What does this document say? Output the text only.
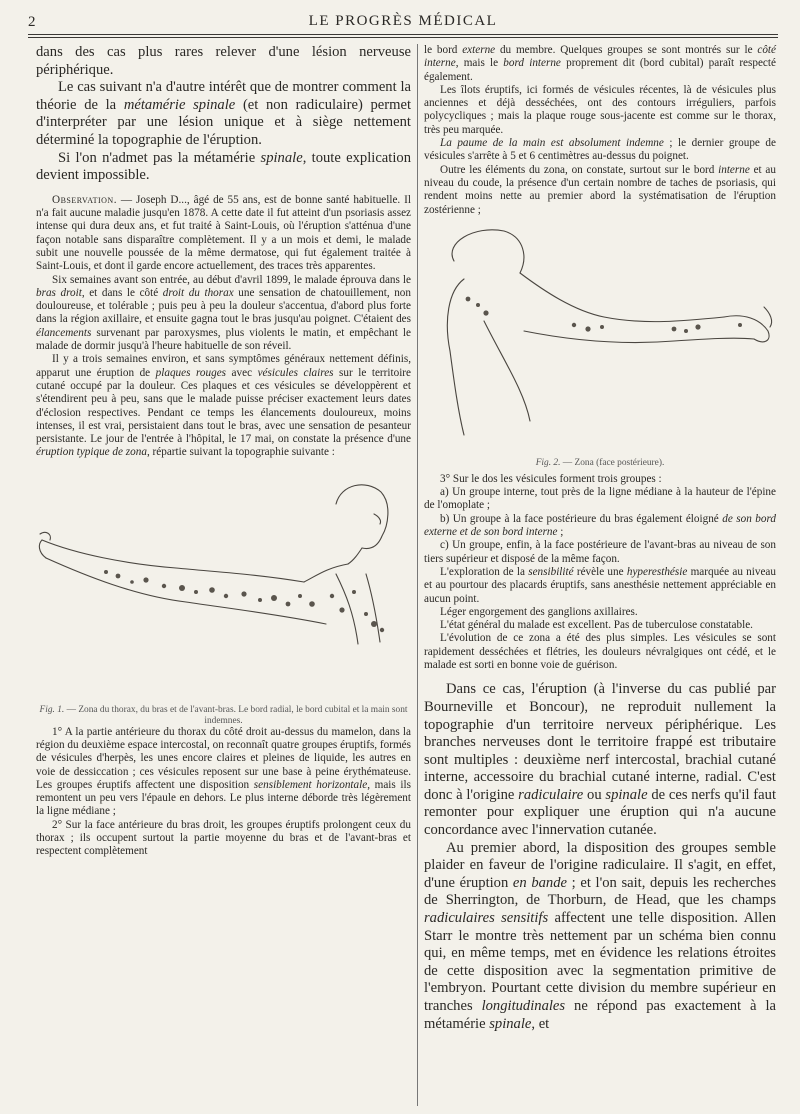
2	LE PROGRÈS MÉDICAL

dans des cas plus rares relever d'une lésion nerveuse périphérique.

Le cas suivant n'a d'autre intérêt que de montrer comment la théorie de la métamérie spinale (et non radiculaire) permet d'interpréter par une lésion unique et à siège nettement déterminé la topographie de l'éruption.

Si l'on n'admet pas la métamérie spinale, toute explication devient impossible.

Observation. — Joseph D..., âgé de 55 ans, est de bonne santé habituelle. Il n'a fait aucune maladie jusqu'en 1878. A cette date il fut atteint d'un psoriasis assez intense qui dura deux ans, et fut traité à Saint-Louis, où l'éruption s'atténua d'une façon notable sans disparaître complètement. Il y a un mois et demi, le malade subit une nouvelle poussée de la même dermatose, qui fut également traitée à Saint-Louis, et dont il garde encore actuellement, des traces très apparentes.

Six semaines avant son entrée, au début d'avril 1899, le malade éprouva dans le bras droit, et dans le côté droit du thorax une sensation de chatouillement, non douloureuse, et tolérable ; puis peu à peu la douleur s'accentua, d'abord plus forte dans la région axillaire, et ensuite gagna tout le bras jusqu'au poignet. C'étaient des élancements survenant par paroxysmes, plus violents le matin, et empêchant le malade de dormir jusqu'à l'heure habituelle de son réveil.

Il y a trois semaines environ, et sans symptômes généraux nettement définis, apparut une éruption de plaques rouges avec vésicules claires sur le territoire cutané occupé par la douleur. Ces plaques et ces vésicules se développèrent et s'étendirent peu à peu, sans que le malade puisse préciser exactement leurs dates d'éclosion respectives. Pendant ce temps les élancements douloureux, moins intenses, il est vrai, persistaient dans tout le bras, avec une sensation de pesanteur persistante. Le jour de l'entrée à l'hôpital, le 17 mai, on constate la présence d'une éruption typique de zona, répartie suivant la topographie suivante :

Fig. 1. — Zona du thorax, du bras et de l'avant-bras. Le bord radial, le bord cubital et la main sont indemnes.

1° A la partie antérieure du thorax du côté droit au-dessus du mamelon, dans la région du deuxième espace intercostal, on reconnaît quatre groupes éruptifs, formés de vésicules d'herpès, les unes encore claires et pleines de liquide, les autres en voie de dessiccation ; ces vésicules reposent sur une base à peine érythémateuse. Les groupes éruptifs affectent une disposition sensiblement horizontale, mais ils remontent un peu vers l'épaule en dehors. Le plus interne déborde très légèrement la ligne médiane ;

2° Sur la face antérieure du bras droit, les groupes éruptifs prolongent ceux du thorax ; ils occupent surtout la partie moyenne du bras et de l'avant-bras et respectent complètement

le bord externe du membre. Quelques groupes se sont montrés sur le côté interne, mais le bord interne proprement dit (bord cubital) paraît respecté également.

Les îlots éruptifs, ici formés de vésicules récentes, là de vésicules plus anciennes et déjà desséchées, ont des contours irréguliers, parfois polycycliques ; mais la plaque rouge sous-jacente est comme sur le thorax, très peu marquée.

La paume de la main est absolument indemne ; le dernier groupe de vésicules s'arrête à 5 et 6 centimètres au-dessus du poignet.

Outre les éléments du zona, on constate, surtout sur le bord interne et au niveau du coude, la présence d'un certain nombre de taches de psoriasis, qui rendent moins nette au premier abord la systématisation de l'éruption zostérienne ;

Fig. 2. — Zona (face postérieure).

3° Sur le dos les vésicules forment trois groupes :

a) Un groupe interne, tout près de la ligne médiane à la hauteur de l'épine de l'omoplate ;

b) Un groupe à la face postérieure du bras également éloigné de son bord externe et de son bord interne ;

c) Un groupe, enfin, à la face postérieure de l'avant-bras au niveau de son tiers supérieur et disposé de la même façon.

L'exploration de la sensibilité révèle une hyperesthésie marquée au niveau et au pourtour des placards éruptifs, sans anesthésie nettement appréciable en aucun point.

Léger engorgement des ganglions axillaires.

L'état général du malade est excellent. Pas de tuberculose constatable.

L'évolution de ce zona a été des plus simples. Les vésicules se sont rapidement desséchées et flétries, les douleurs névralgiques ont cédé, et le malade est sorti en bonne voie de guérison.

Dans ce cas, l'éruption (à l'inverse du cas publié par Bourneville et Boncour), ne reproduit nullement la topographie d'un territoire nerveux périphérique. Les branches nerveuses dont le territoire frappé est tributaire sont multiples : deuxième nerf intercostal, brachial cutané interne, accessoire du brachial cutané interne, radial. C'est donc à l'origine radiculaire ou spinale de ces nerfs qu'il faut remonter pour expliquer une éruption qui n'a aucune concordance avec l'innervation cutanée.

Au premier abord, la disposition des groupes semble plaider en faveur de l'origine radiculaire. Il s'agit, en effet, d'une éruption en bande ; et l'on sait, depuis les recherches de Sherrington, de Thorburn, de Head, que les champs radiculaires sensitifs affectent une telle disposition. Allen Starr le montre très nettement par un schéma bien connu qui, en même temps, met en évidence les relations étroites de cette disposition avec la segmentation primitive de l'embryon. Pourtant cette division du membre supérieur en tranches longitudinales ne répond pas exactement à la métamérie spinale, et
